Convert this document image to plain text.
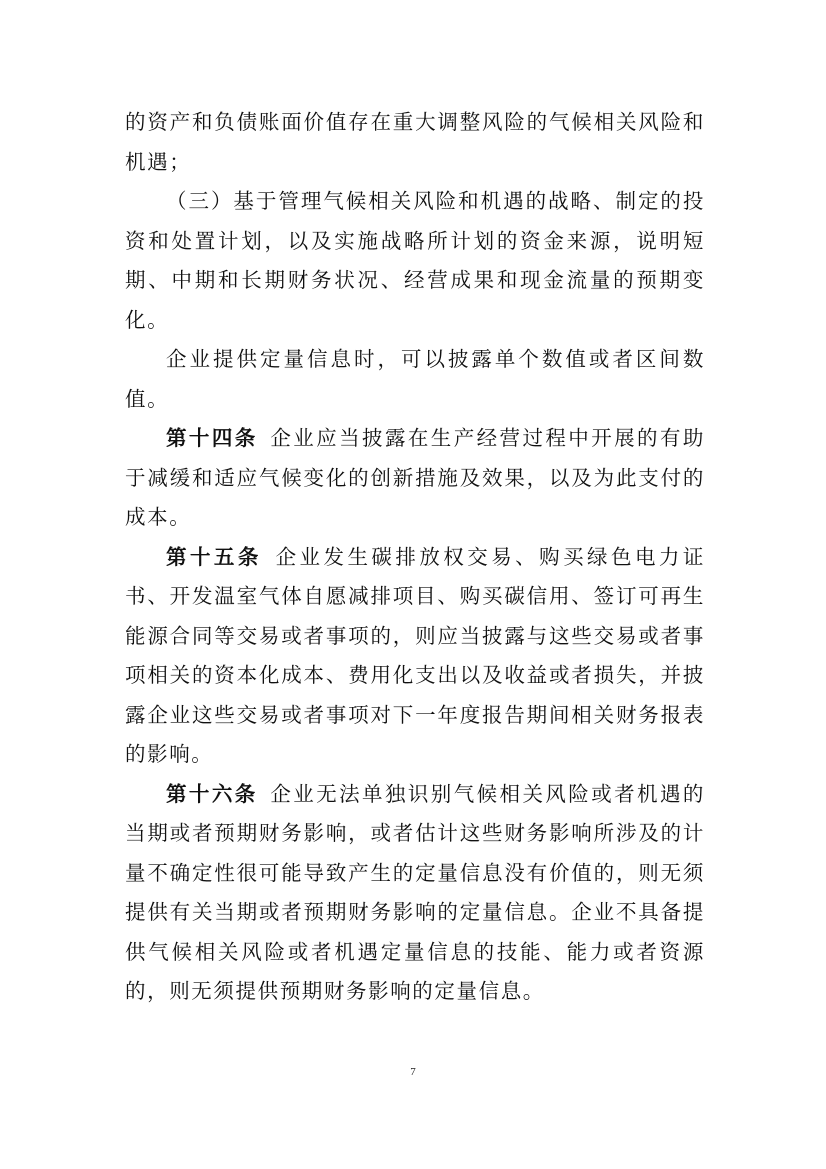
的资产和负债账面价值存在重大调整风险的气候相关风险和机遇；

（三）基于管理气候相关风险和机遇的战略、制定的投资和处置计划，以及实施战略所计划的资金来源，说明短期、中期和长期财务状况、经营成果和现金流量的预期变化。

企业提供定量信息时，可以披露单个数值或者区间数值。

第十四条  企业应当披露在生产经营过程中开展的有助于减缓和适应气候变化的创新措施及效果，以及为此支付的成本。

第十五条  企业发生碳排放权交易、购买绿色电力证书、开发温室气体自愿减排项目、购买碳信用、签订可再生能源合同等交易或者事项的，则应当披露与这些交易或者事项相关的资本化成本、费用化支出以及收益或者损失，并披露企业这些交易或者事项对下一年度报告期间相关财务报表的影响。

第十六条  企业无法单独识别气候相关风险或者机遇的当期或者预期财务影响，或者估计这些财务影响所涉及的计量不确定性很可能导致产生的定量信息没有价值的，则无须提供有关当期或者预期财务影响的定量信息。企业不具备提供气候相关风险或者机遇定量信息的技能、能力或者资源的，则无须提供预期财务影响的定量信息。

7
